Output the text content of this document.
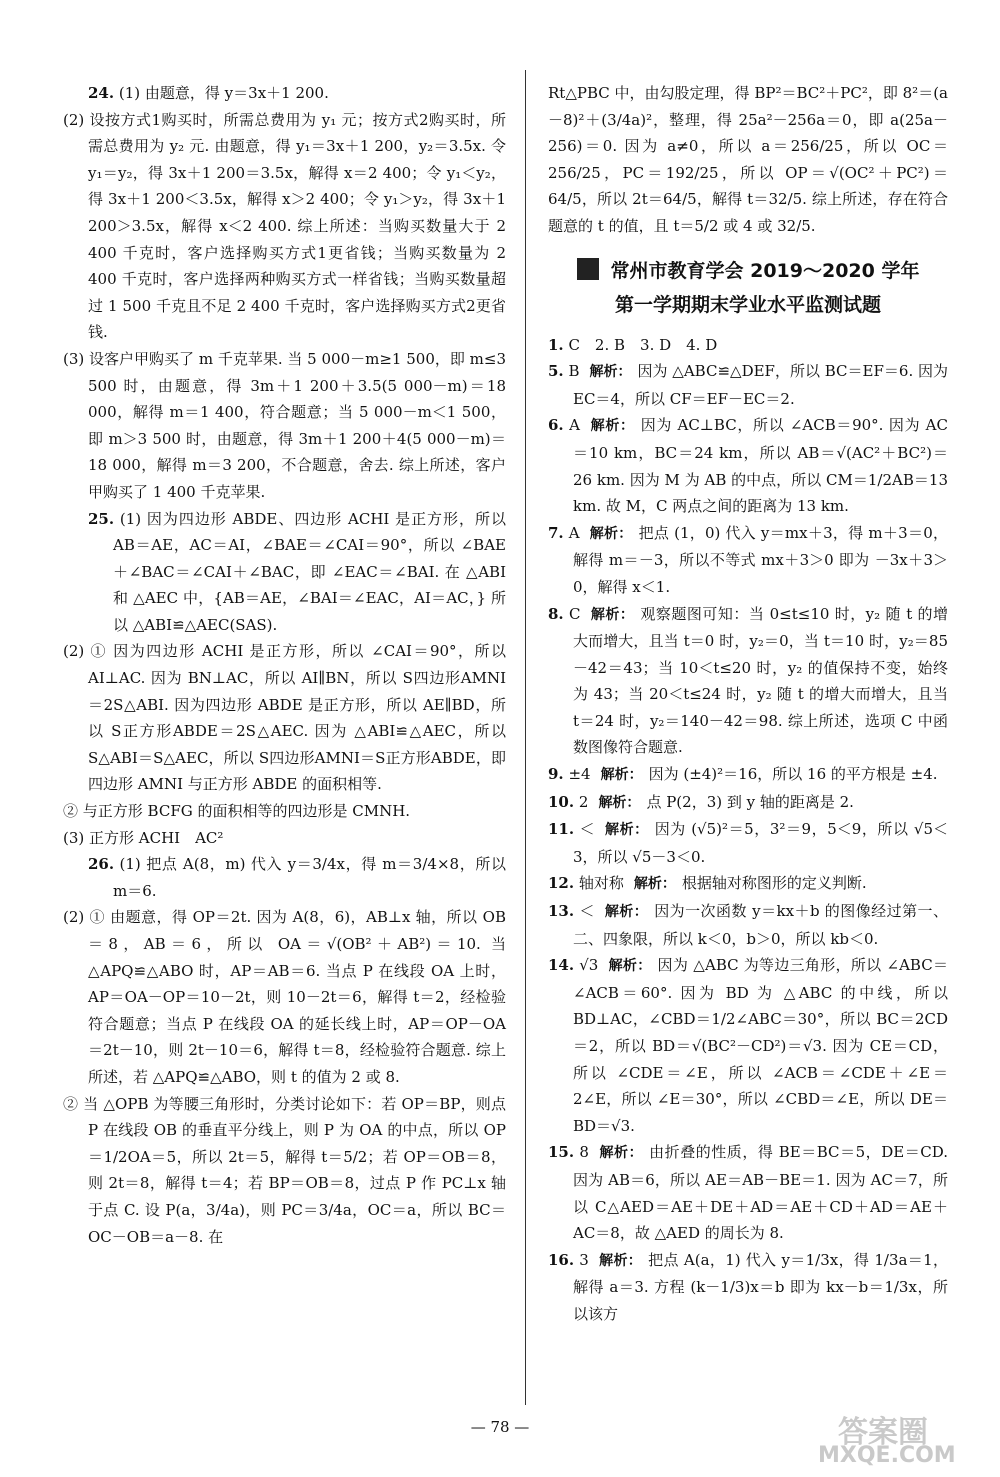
24. (1) 由题意，得 y＝3x＋1 200.

(2) 设按方式1购买时，所需总费用为 y₁ 元；按方式2购买时，所需总费用为 y₂ 元. 由题意，得 y₁＝3x＋1 200，y₂＝3.5x. 令 y₁＝y₂，得 3x＋1 200＝3.5x，解得 x＝2 400；令 y₁＜y₂，得 3x＋1 200＜3.5x，解得 x＞2 400；令 y₁＞y₂，得 3x＋1 200＞3.5x，解得 x＜2 400. 综上所述：当购买数量大于 2 400 千克时，客户选择购买方式1更省钱；当购买数量为 2 400 千克时，客户选择两种购买方式一样省钱；当购买数量超过 1 500 千克且不足 2 400 千克时，客户选择购买方式2更省钱.

(3) 设客户甲购买了 m 千克苹果. 当 5 000－m≥1 500，即 m≤3 500 时，由题意，得 3m＋1 200＋3.5(5 000－m)＝18 000，解得 m＝1 400，符合题意；当 5 000－m＜1 500，即 m＞3 500 时，由题意，得 3m＋1 200＋4(5 000－m)＝18 000，解得 m＝3 200，不合题意，舍去. 综上所述，客户甲购买了 1 400 千克苹果.

25. (1) 因为四边形 ABDE、四边形 ACHI 是正方形，所以 AB＝AE，AC＝AI，∠BAE＝∠CAI＝90°，所以 ∠BAE＋∠BAC＝∠CAI＋∠BAC，即 ∠EAC＝∠BAI. 在 △ABI 和 △AEC 中，{AB＝AE，∠BAI＝∠EAC，AI＝AC，} 所以 △ABI≌△AEC(SAS).

(2) ① 因为四边形 ACHI 是正方形，所以 ∠CAI＝90°，所以 AI⊥AC. 因为 BN⊥AC，所以 AI∥BN，所以 S四边形AMNI＝2S△ABI. 因为四边形 ABDE 是正方形，所以 AE∥BD，所以 S正方形ABDE＝2S△AEC. 因为 △ABI≌△AEC，所以 S△ABI＝S△AEC，所以 S四边形AMNI＝S正方形ABDE，即四边形 AMNI 与正方形 ABDE 的面积相等.

② 与正方形 BCFG 的面积相等的四边形是 CMNH.

(3) 正方形 ACHI　AC²

26. (1) 把点 A(8，m) 代入 y＝3/4x，得 m＝3/4×8，所以 m＝6.

(2) ① 由题意，得 OP＝2t. 因为 A(8，6)，AB⊥x 轴，所以 OB＝8，AB＝6，所以 OA＝√(OB²＋AB²)＝10. 当 △APQ≌△ABO 时，AP＝AB＝6. 当点 P 在线段 OA 上时，AP＝OA－OP＝10－2t，则 10－2t＝6，解得 t＝2，经检验符合题意；当点 P 在线段 OA 的延长线上时，AP＝OP－OA＝2t－10，则 2t－10＝6，解得 t＝8，经检验符合题意. 综上所述，若 △APQ≌△ABO，则 t 的值为 2 或 8.

② 当 △OPB 为等腰三角形时，分类讨论如下：若 OP＝BP，则点 P 在线段 OB 的垂直平分线上，则 P 为 OA 的中点，所以 OP＝1/2OA＝5，所以 2t＝5，解得 t＝5/2；若 OP＝OB＝8，则 2t＝8，解得 t＝4；若 BP＝OB＝8，过点 P 作 PC⊥x 轴于点 C. 设 P(a，3/4a)，则 PC＝3/4a，OC＝a，所以 BC＝OC－OB＝a－8. 在

Rt△PBC 中，由勾股定理，得 BP²＝BC²＋PC²，即 8²＝(a－8)²＋(3/4a)²，整理，得 25a²－256a＝0，即 a(25a－256)＝0. 因为 a≠0，所以 a＝256/25，所以 OC＝256/25，PC＝192/25，所以 OP＝√(OC²＋PC²)＝64/5，所以 2t＝64/5，解得 t＝32/5. 综上所述，存在符合题意的 t 的值，且 t＝5/2 或 4 或 32/5.

常州市教育学会 2019～2020 学年
第一学期期末学业水平监测试题

1. C　2. B　3. D　4. D

5. B 解析： 因为 △ABC≌△DEF，所以 BC＝EF＝6. 因为 EC＝4，所以 CF＝EF－EC＝2.

6. A 解析： 因为 AC⊥BC，所以 ∠ACB＝90°. 因为 AC＝10 km，BC＝24 km，所以 AB＝√(AC²＋BC²)＝26 km. 因为 M 为 AB 的中点，所以 CM＝1/2AB＝13 km. 故 M，C 两点之间的距离为 13 km.

7. A 解析： 把点 (1，0) 代入 y＝mx＋3，得 m＋3＝0，解得 m＝－3，所以不等式 mx＋3＞0 即为 －3x＋3＞0，解得 x＜1.

8. C 解析： 观察题图可知：当 0≤t≤10 时，y₂ 随 t 的增大而增大，且当 t＝0 时，y₂＝0，当 t＝10 时，y₂＝85－42＝43；当 10＜t≤20 时，y₂ 的值保持不变，始终为 43；当 20＜t≤24 时，y₂ 随 t 的增大而增大，且当 t＝24 时，y₂＝140－42＝98. 综上所述，选项 C 中函数图像符合题意.

9. ±4 解析： 因为 (±4)²＝16，所以 16 的平方根是 ±4.

10. 2 解析： 点 P(2，3) 到 y 轴的距离是 2.

11. ＜ 解析： 因为 (√5)²＝5，3²＝9，5＜9，所以 √5＜3，所以 √5－3＜0.

12. 轴对称 解析： 根据轴对称图形的定义判断.

13. ＜ 解析： 因为一次函数 y＝kx＋b 的图像经过第一、二、四象限，所以 k＜0，b＞0，所以 kb＜0.

14. √3 解析： 因为 △ABC 为等边三角形，所以 ∠ABC＝∠ACB＝60°. 因为 BD 为 △ABC 的中线，所以 BD⊥AC，∠CBD＝1/2∠ABC＝30°，所以 BC＝2CD＝2，所以 BD＝√(BC²－CD²)＝√3. 因为 CE＝CD，所以 ∠CDE＝∠E，所以 ∠ACB＝∠CDE＋∠E＝2∠E，所以 ∠E＝30°，所以 ∠CBD＝∠E，所以 DE＝BD＝√3.

15. 8 解析： 由折叠的性质，得 BE＝BC＝5，DE＝CD. 因为 AB＝6，所以 AE＝AB－BE＝1. 因为 AC＝7，所以 C△AED＝AE＋DE＋AD＝AE＋CD＋AD＝AE＋AC＝8，故 △AED 的周长为 8.

16. 3 解析： 把点 A(a，1) 代入 y＝1/3x，得 1/3a＝1，解得 a＝3. 方程 (k－1/3)x＝b 即为 kx－b＝1/3x，所以该方

— 78 —	答案圈
MXQE.COM
